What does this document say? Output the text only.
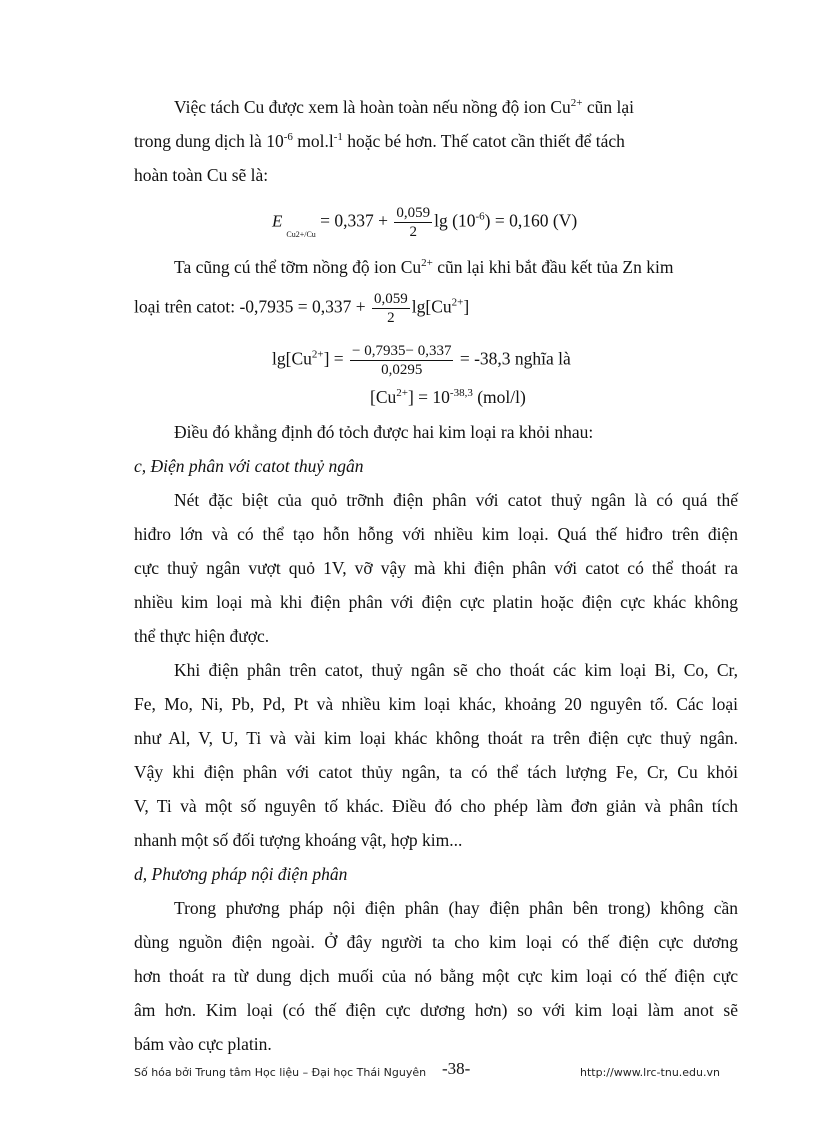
Việc tách Cu được xem là hoàn toàn nếu nồng độ ion $Cu^{2+}$ cũn lại
trong dung dịch là $10^{-6}$ $mol.l^{-1}$ hoặc bé hơn. Thế catot cần thiết để tách
hoàn toàn Cu sẽ là:
$E_{Cu2+/Cu} = 0,337 + \frac{0,059}{2}$ $\lg (10^{-6}) = 0,160$ (V)
Ta cũng cú thể tỡm nồng độ ion $Cu^{2+}$ cũn lại khi bắt đầu kết tủa Zn kim
loại trên catot: $-0,7935 = 0,337 + \frac{0,059}{2} \lg[Cu^{2+}]$
$\lg[Cu^{2+}] = \frac{- 0,7935- 0,337}{0,0295} = -38,3$ nghĩa là
$[Cu^{2+}] = 10^{-38,3}$ (mol/l)
Điều đó khẳng định đó tỏch được hai kim loại ra khỏi nhau:
c, Điện phân với catot thuỷ ngân
Nét đặc biệt của quỏ trỡnh điện phân với catot thuỷ ngân là có quá thế
hiđro lớn và có thể tạo hỗn hỗng với nhiều kim loại. Quá thế hiđro trên điện
cực thuỷ ngân vượt quỏ 1V, vỡ vậy mà khi điện phân với catot có thể thoát ra
nhiều kim loại mà khi điện phân với điện cực platin hoặc điện cực khác không
thể thực hiện được.
Khi điện phân trên catot, thuỷ ngân sẽ cho thoát các kim loại Bi, Co, Cr,
Fe, Mo, Ni, Pb, Pd, Pt và nhiều kim loại khác, khoảng 20 nguyên tố. Các loại
như Al, V, U, Ti và vài kim loại khác không thoát ra trên điện cực thuỷ ngân.
Vậy khi điện phân với catot thủy ngân, ta có thể tách lượng Fe, Cr, Cu khỏi
V, Ti và một số nguyên tố khác. Điều đó cho phép làm đơn giản và phân tích
nhanh một số đối tượng khoáng vật, hợp kim...
d, Phương pháp nội điện phân
Trong phương pháp nội điện phân (hay điện phân bên trong) không cần
dùng nguồn điện ngoài. Ở đây người ta cho kim loại có thế điện cực dương
hơn thoát ra từ dung dịch muối của nó bằng một cực kim loại có thế điện cực
âm hơn. Kim loại (có thế điện cực dương hơn) so với kim loại làm anot sẽ
bám vào cực platin.
Số hóa bởi Trung tâm Học liệu – Đại học Thái Nguyên -38-	http://www.lrc-tnu.edu.vn
